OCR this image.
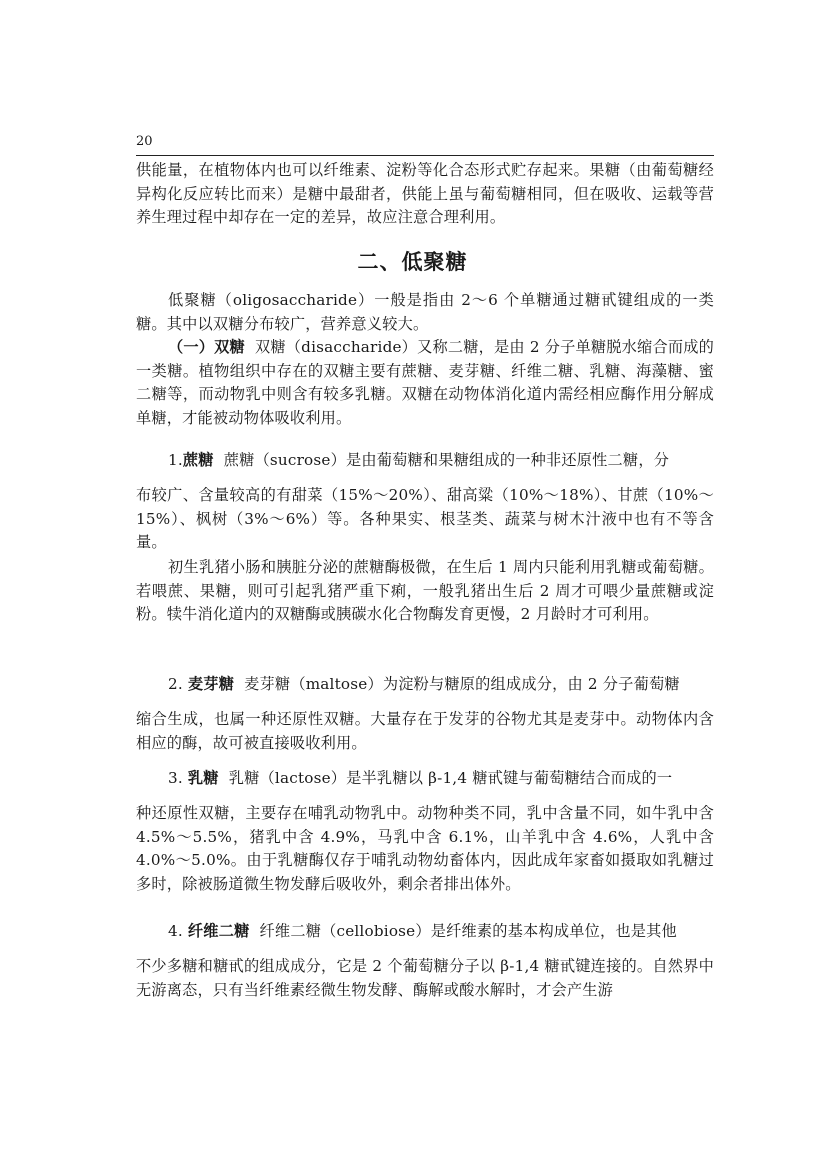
20

供能量，在植物体内也可以纤维素、淀粉等化合态形式贮存起来。果糖（由葡萄糖经异构化反应转比而来）是糖中最甜者，供能上虽与葡萄糖相同，但在吸收、运载等营养生理过程中却存在一定的差异，故应注意合理利用。

二、低聚糖

低聚糖（oligosaccharide）一般是指由 2～6 个单糖通过糖甙键组成的一类糖。其中以双糖分布较广，营养意义较大。

（一）双糖 双糖（disaccharide）又称二糖，是由 2 分子单糖脱水缩合而成的一类糖。植物组织中存在的双糖主要有蔗糖、麦芽糖、纤维二糖、乳糖、海藻糖、蜜二糖等，而动物乳中则含有较多乳糖。双糖在动物体消化道内需经相应酶作用分解成单糖，才能被动物体吸收利用。

1.蔗糖 蔗糖（sucrose）是由葡萄糖和果糖组成的一种非还原性二糖，分

布较广、含量较高的有甜菜（15%～20%）、甜高粱（10%～18%）、甘蔗（10%～15%）、枫树（3%～6%）等。各种果实、根茎类、蔬菜与树木汁液中也有不等含量。

初生乳猪小肠和胰脏分泌的蔗糖酶极微，在生后 1 周内只能利用乳糖或葡萄糖。若喂蔗、果糖，则可引起乳猪严重下痢，一般乳猪出生后 2 周才可喂少量蔗糖或淀粉。犊牛消化道内的双糖酶或胰碳水化合物酶发育更慢，2 月龄时才可利用。

2. 麦芽糖 麦芽糖（maltose）为淀粉与糖原的组成成分，由 2 分子葡萄糖

缩合生成，也属一种还原性双糖。大量存在于发芽的谷物尤其是麦芽中。动物体内含相应的酶，故可被直接吸收利用。

3. 乳糖 乳糖（lactose）是半乳糖以 β-1,4 糖甙键与葡萄糖结合而成的一

种还原性双糖，主要存在哺乳动物乳中。动物种类不同，乳中含量不同，如牛乳中含 4.5%～5.5%，猪乳中含 4.9%，马乳中含 6.1%，山羊乳中含 4.6%，人乳中含 4.0%～5.0%。由于乳糖酶仅存于哺乳动物幼畜体内，因此成年家畜如摄取如乳糖过多时，除被肠道微生物发酵后吸收外，剩余者排出体外。

4. 纤维二糖 纤维二糖（cellobiose）是纤维素的基本构成单位，也是其他

不少多糖和糖甙的组成成分，它是 2 个葡萄糖分子以 β-1,4 糖甙键连接的。自然界中无游离态，只有当纤维素经微生物发酵、酶解或酸水解时，才会产生游
